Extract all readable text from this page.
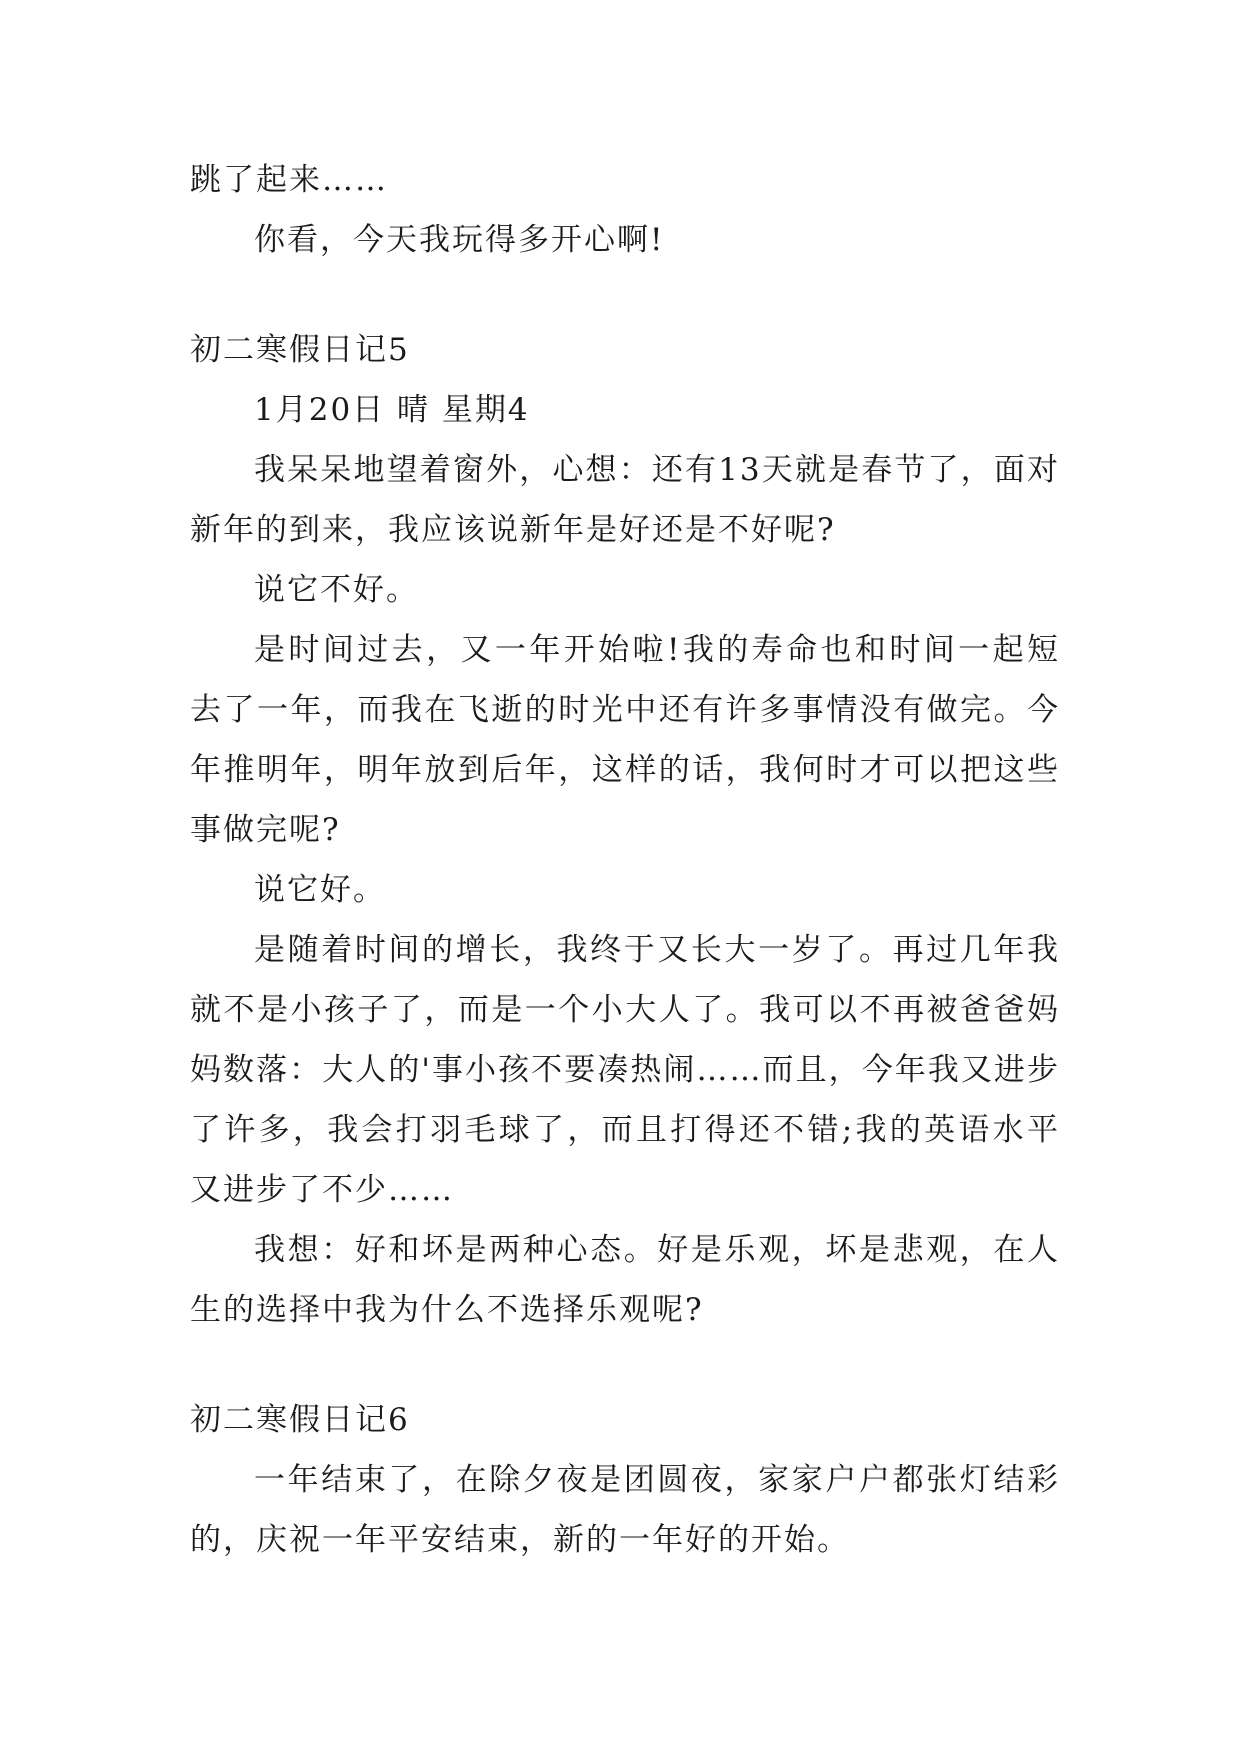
跳了起来……

你看，今天我玩得多开心啊!

初二寒假日记5

1月20日 晴 星期4

我呆呆地望着窗外，心想：还有13天就是春节了，面对新年的到来，我应该说新年是好还是不好呢?

说它不好。

是时间过去，又一年开始啦!我的寿命也和时间一起短去了一年，而我在飞逝的时光中还有许多事情没有做完。今年推明年，明年放到后年，这样的话，我何时才可以把这些事做完呢?

说它好。

是随着时间的增长，我终于又长大一岁了。再过几年我就不是小孩子了，而是一个小大人了。我可以不再被爸爸妈妈数落：大人的'事小孩不要凑热闹……而且，今年我又进步了许多，我会打羽毛球了，而且打得还不错;我的英语水平又进步了不少……

我想：好和坏是两种心态。好是乐观，坏是悲观，在人生的选择中我为什么不选择乐观呢?

初二寒假日记6

一年结束了，在除夕夜是团圆夜，家家户户都张灯结彩的，庆祝一年平安结束，新的一年好的开始。
